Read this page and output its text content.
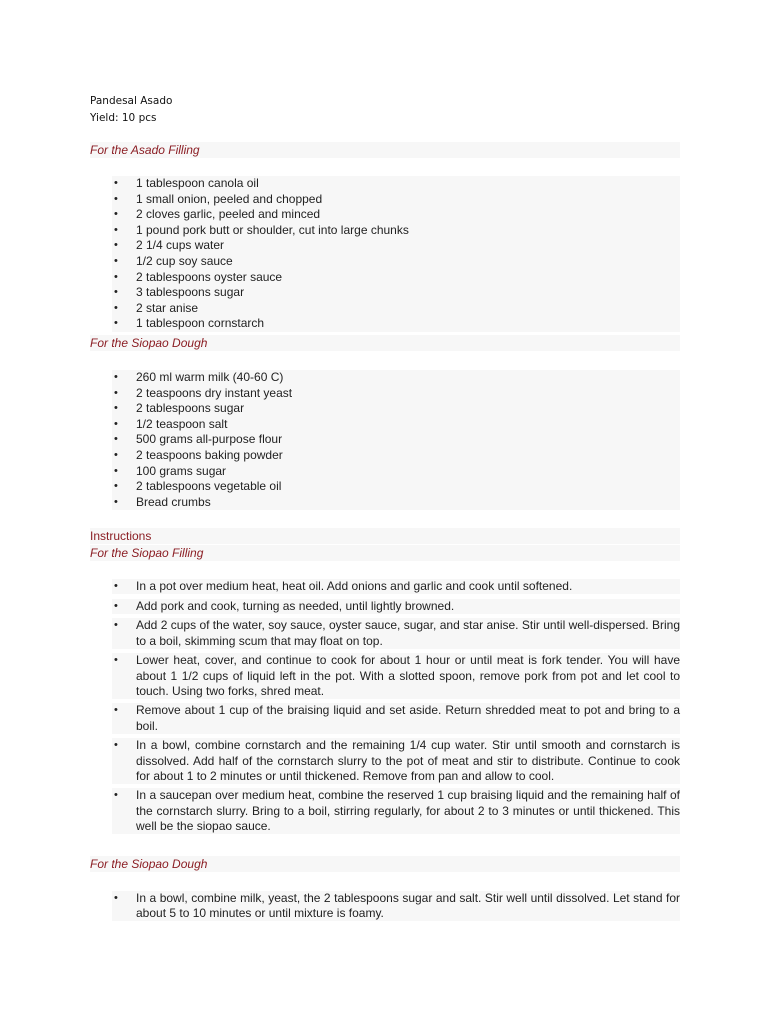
Pandesal Asado
Yield: 10 pcs
For the Asado Filling
• 1 tablespoon canola oil
• 1 small onion, peeled and chopped
• 2 cloves garlic, peeled and minced
• 1 pound pork butt or shoulder, cut into large chunks
• 2 1/4 cups water
• 1/2 cup soy sauce
• 2 tablespoons oyster sauce
• 3 tablespoons sugar
• 2 star anise
• 1 tablespoon cornstarch
For the Siopao Dough
• 260 ml warm milk (40-60 C)
• 2 teaspoons dry instant yeast
• 2 tablespoons sugar
• 1/2 teaspoon salt
• 500 grams all-purpose flour
• 2 teaspoons baking powder
• 100 grams sugar
• 2 tablespoons vegetable oil
• Bread crumbs
Instructions
For the Siopao Filling
• In a pot over medium heat, heat oil. Add onions and garlic and cook until softened.
• Add pork and cook, turning as needed, until lightly browned.
• Add 2 cups of the water, soy sauce, oyster sauce, sugar, and star anise. Stir until well-dispersed. Bring to a boil, skimming scum that may float on top.
• Lower heat, cover, and continue to cook for about 1 hour or until meat is fork tender. You will have about 1 1/2 cups of liquid left in the pot. With a slotted spoon, remove pork from pot and let cool to touch. Using two forks, shred meat.
• Remove about 1 cup of the braising liquid and set aside. Return shredded meat to pot and bring to a boil.
• In a bowl, combine cornstarch and the remaining 1/4 cup water. Stir until smooth and cornstarch is dissolved. Add half of the cornstarch slurry to the pot of meat and stir to distribute. Continue to cook for about 1 to 2 minutes or until thickened. Remove from pan and allow to cool.
• In a saucepan over medium heat, combine the reserved 1 cup braising liquid and the remaining half of the cornstarch slurry. Bring to a boil, stirring regularly, for about 2 to 3 minutes or until thickened. This well be the siopao sauce.
For the Siopao Dough
• In a bowl, combine milk, yeast, the 2 tablespoons sugar and salt. Stir well until dissolved. Let stand for about 5 to 10 minutes or until mixture is foamy.
